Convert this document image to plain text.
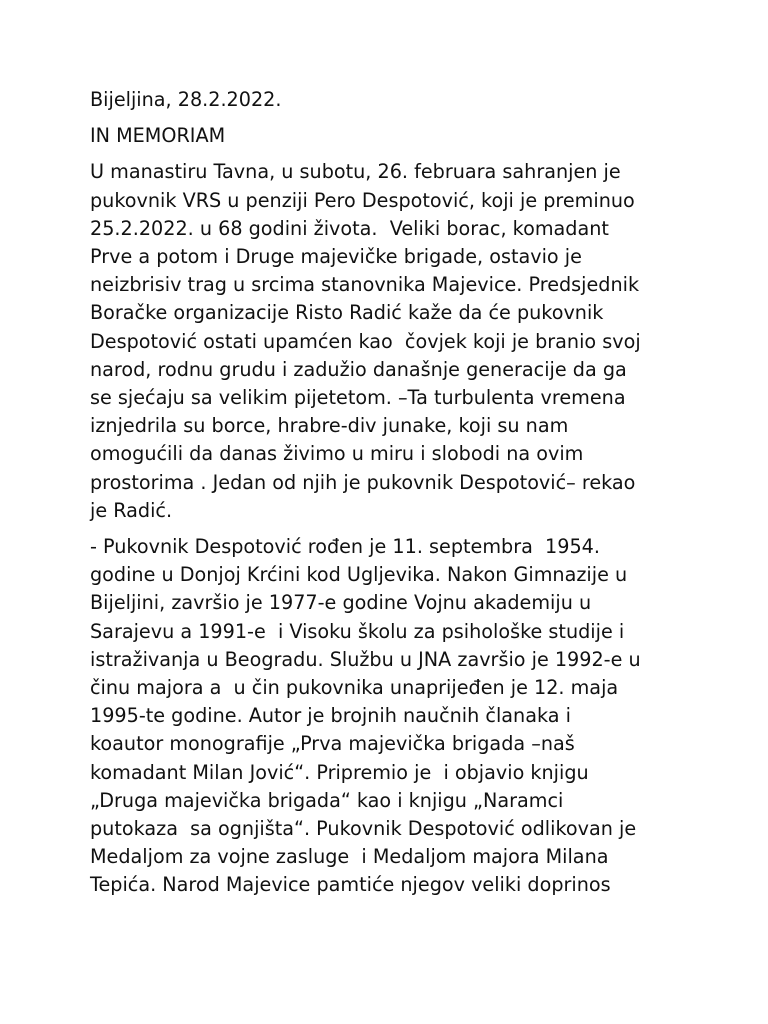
Bijeljina, 28.2.2022.
IN MEMORIAM
U manastiru Tavna, u subotu, 26. februara sahranjen je
pukovnik VRS u penziji Pero Despotović, koji je preminuo
25.2.2022. u 68 godini života.  Veliki borac, komadant
Prve a potom i Druge majevičke brigade, ostavio je
neizbrisiv trag u srcima stanovnika Majevice. Predsjednik
Boračke organizacije Risto Radić kaže da će pukovnik
Despotović ostati upamćen kao  čovjek koji je branio svoj
narod, rodnu grudu i zadužio današnje generacije da ga
se sjećaju sa velikim pijetetom. –Ta turbulenta vremena
iznjedrila su borce, hrabre-div junake, koji su nam
omogućili da danas živimo u miru i slobodi na ovim
prostorima . Jedan od njih je pukovnik Despotović– rekao
je Radić.
- Pukovnik Despotović rođen je 11. septembra  1954.
godine u Donjoj Krćini kod Ugljevika. Nakon Gimnazije u
Bijeljini, završio je 1977-e godine Vojnu akademiju u
Sarajevu a 1991-e  i Visoku školu za psihološke studije i
istraživanja u Beogradu. Službu u JNA završio je 1992-e u
činu majora a  u čin pukovnika unaprijeđen je 12. maja
1995-te godine. Autor je brojnih naučnih članaka i
koautor monografije „Prva majevička brigada –naš
komadant Milan Jović“. Pripremio je  i objavio knjigu
„Druga majevička brigada“ kao i knjigu „Naramci
putokaza  sa ognjišta“. Pukovnik Despotović odlikovan je
Medaljom za vojne zasluge  i Medaljom majora Milana
Tepića. Narod Majevice pamtiće njegov veliki doprinos
